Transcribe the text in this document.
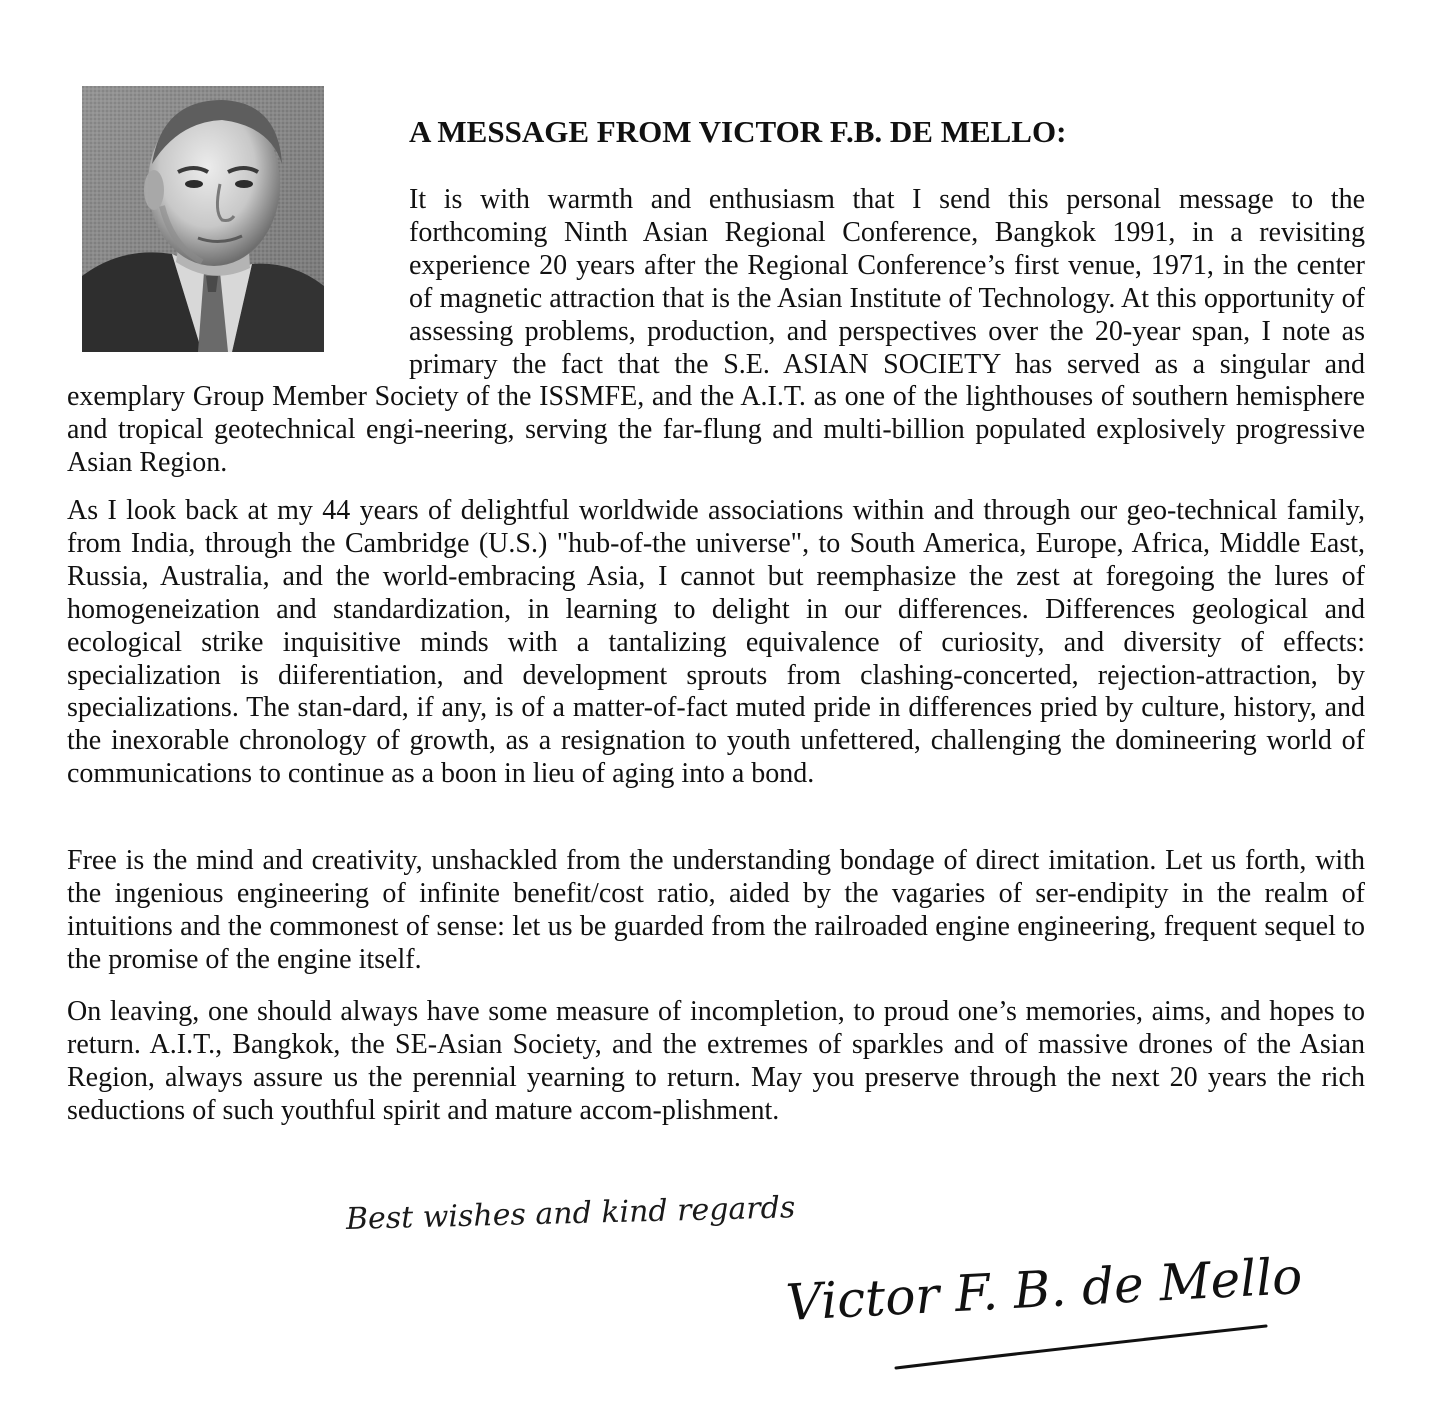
A MESSAGE FROM VICTOR F.B. DE MELLO:

It is with warmth and enthusiasm that I send this personal message to the forthcoming Ninth Asian Regional Conference, Bangkok 1991, in a revisiting experience 20 years after the Regional Conference’s first venue, 1971, in the center of magnetic attraction that is the Asian Institute of Technology. At this opportunity of assessing problems, production, and perspectives over the 20-year span, I note as primary the fact that the S.E. ASIAN SOCIETY has served as a singular and exemplary Group Member Society of the ISSMFE, and the A.I.T. as one of the lighthouses of southern hemisphere and tropical geotechnical engi-neering, serving the far-flung and multi-billion populated explosively progressive Asian Region.

As I look back at my 44 years of delightful worldwide associations within and through our geo-technical family, from India, through the Cambridge (U.S.) "hub-of-the universe", to South America, Europe, Africa, Middle East, Russia, Australia, and the world-embracing Asia, I cannot but reemphasize the zest at foregoing the lures of homogeneization and standardization, in learning to delight in our differences. Differences geological and ecological strike inquisitive minds with a tantalizing equivalence of curiosity, and diversity of effects: specialization is diiferentiation, and development sprouts from clashing-concerted, rejection-attraction, by specializations. The stan-dard, if any, is of a matter-of-fact muted pride in differences pried by culture, history, and the inexorable chronology of growth, as a resignation to youth unfettered, challenging the domineering world of communications to continue as a boon in lieu of aging into a bond.

Free is the mind and creativity, unshackled from the understanding bondage of direct imitation. Let us forth, with the ingenious engineering of infinite benefit/cost ratio, aided by the vagaries of ser-endipity in the realm of intuitions and the commonest of sense: let us be guarded from the railroaded engine engineering, frequent sequel to the promise of the engine itself.

On leaving, one should always have some measure of incompletion, to proud one’s memories, aims, and hopes to return. A.I.T., Bangkok, the SE-Asian Society, and the extremes of sparkles and of massive drones of the Asian Region, always assure us the perennial yearning to return. May you preserve through the next 20 years the rich seductions of such youthful spirit and mature accom-plishment.

Best wishes and kind regards
Victor F. B. de Mello
